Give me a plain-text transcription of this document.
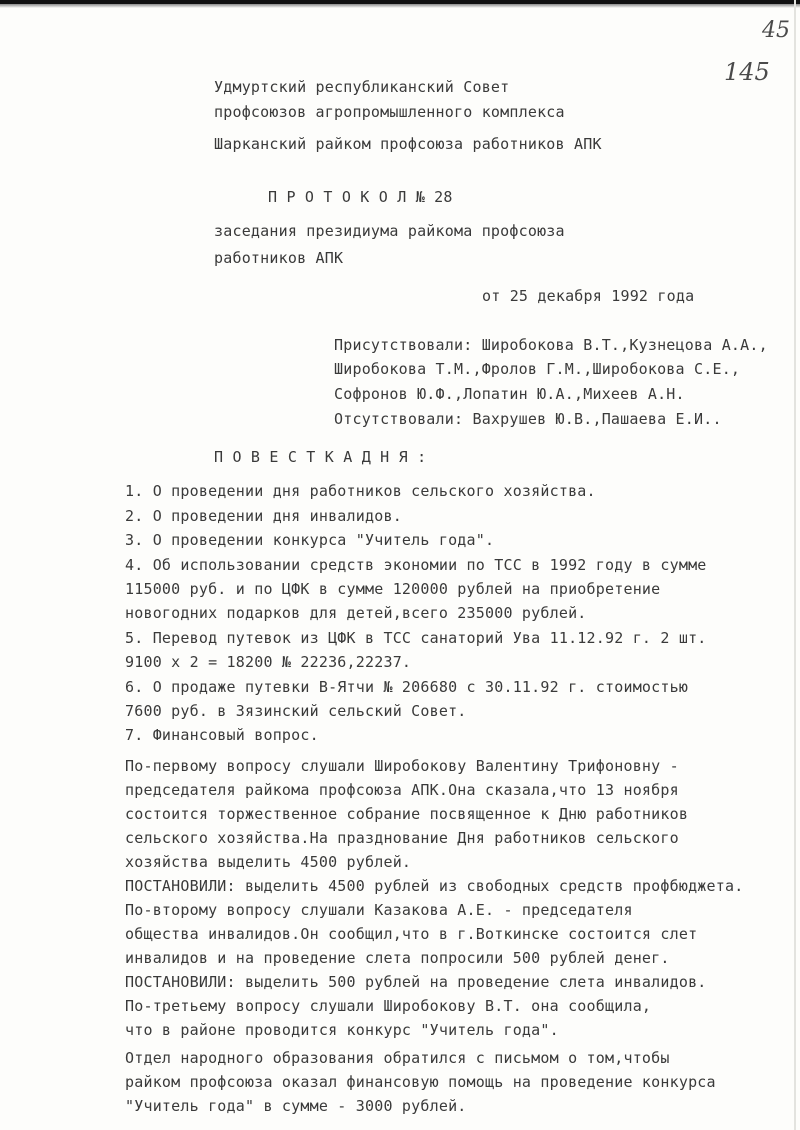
45
145
Удмуртский республиканский Совет
профсоюзов агропромышленного комплекса
Шарканский райком профсоюза работников АПК
П Р О Т О К О Л № 28
заседания президиума райкома профсоюза
работников АПК
от 25 декабря 1992 года
Присутствовали: Широбокова В.Т.,Кузнецова А.А.,
Широбокова Т.М.,Фролов Г.М.,Широбокова С.Е.,
Софронов Ю.Ф.,Лопатин Ю.А.,Михеев А.Н.
Отсутствовали: Вахрушев Ю.В.,Пашаева Е.И..
П О В Е С Т К А Д Н Я :
1. О проведении дня работников сельского хозяйства.
2. О проведении дня инвалидов.
3. О проведении конкурса "Учитель года".
4. Об использовании средств экономии по ТСС в 1992 году в сумме
115000 руб. и по ЦФК в сумме 120000 рублей на приобретение
новогодних подарков для детей,всего 235000 рублей.
5. Перевод путевок из ЦФК в ТСС санаторий Ува 11.12.92 г. 2 шт.
9100 х 2 = 18200 № 22236,22237.
6. О продаже путевки В-Ятчи № 206680 с 30.11.92 г. стоимостью
7600 руб. в Зязинский сельский Совет.
7. Финансовый вопрос.
По-первому вопросу слушали Широбокову Валентину Трифоновну -
председателя райкома профсоюза АПК.Она сказала,что 13 ноября
состоится торжественное собрание посвященное к Дню работников
сельского хозяйства.На празднование Дня работников сельского
хозяйства выделить 4500 рублей.
ПОСТАНОВИЛИ: выделить 4500 рублей из свободных средств профбюджета.
По-второму вопросу слушали Казакова А.Е. - председателя
общества инвалидов.Он сообщил,что в г.Воткинске состоится слет
инвалидов и на проведение слета попросили 500 рублей денег.
ПОСТАНОВИЛИ: выделить 500 рублей на проведение слета инвалидов.
По-третьему вопросу слушали Широбокову В.Т. она сообщила,
что в районе проводится конкурс "Учитель года".
Отдел народного образования обратился с письмом о том,чтобы
райком профсоюза оказал финансовую помощь на проведение конкурса
"Учитель года" в сумме - 3000 рублей.
